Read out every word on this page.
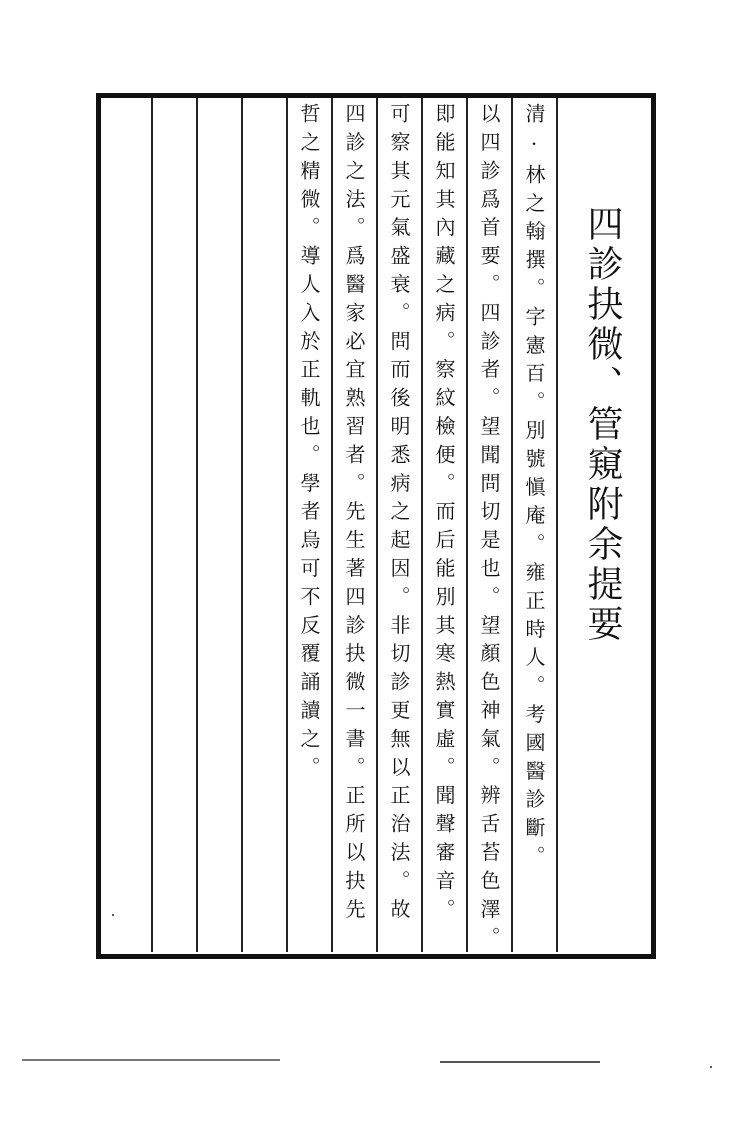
四診抉微、管窺附余提要
清·林之翰撰。字憲百。別號愼庵。雍正時人。考國醫診斷。
以四診爲首要。四診者。望聞問切是也。望顏色神氣。辨舌苔色澤。
即能知其內藏之病。察紋檢便。而后能別其寒熱實虛。聞聲審音。
可察其元氣盛衰。問而後明悉病之起因。非切診更無以正治法。故
四診之法。爲醫家必宜熟習者。先生著四診抉微一書。正所以抉先
哲之精微。導人入於正軌也。學者烏可不反覆誦讀之。
